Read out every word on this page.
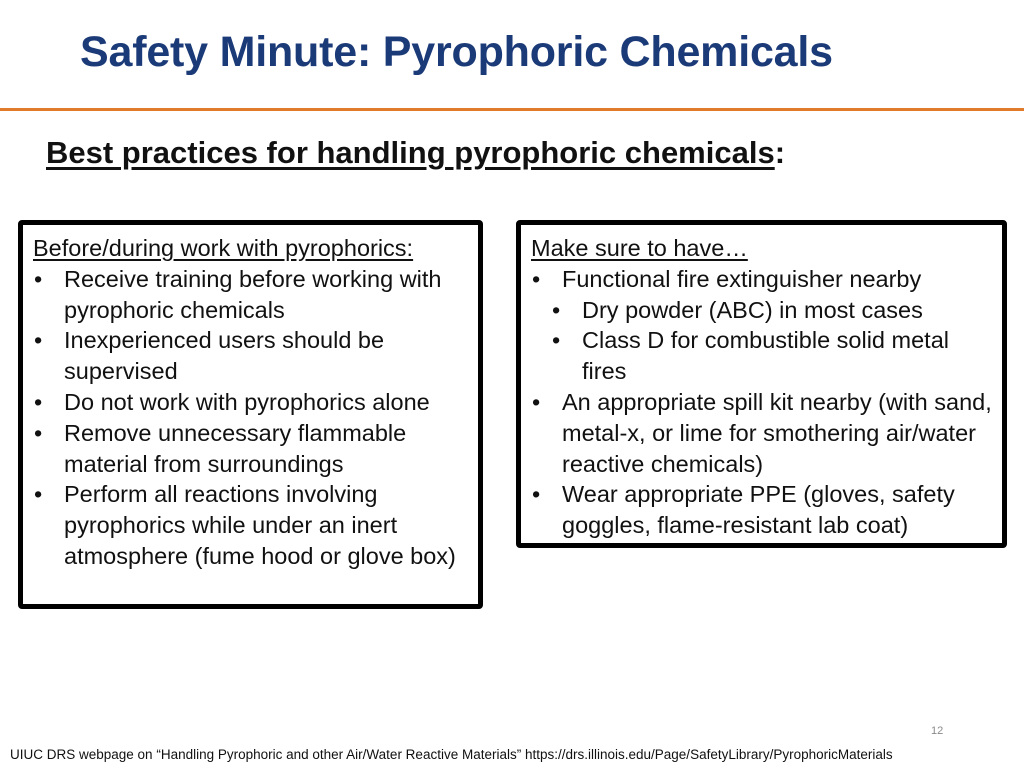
Safety Minute: Pyrophoric Chemicals
Best practices for handling pyrophoric chemicals:
Before/during work with pyrophorics:
• Receive training before working with pyrophoric chemicals
• Inexperienced users should be supervised
• Do not work with pyrophorics alone
• Remove unnecessary flammable material from surroundings
• Perform all reactions involving pyrophorics while under an inert atmosphere (fume hood or glove box)
Make sure to have…
• Functional fire extinguisher nearby
• Dry powder (ABC) in most cases
• Class D for combustible solid metal fires
• An appropriate spill kit nearby (with sand, metal-x, or lime for smothering air/water reactive chemicals)
• Wear appropriate PPE (gloves, safety goggles, flame-resistant lab coat)
12
UIUC DRS webpage on “Handling Pyrophoric and other Air/Water Reactive Materials” https://drs.illinois.edu/Page/SafetyLibrary/PyrophoricMaterials
